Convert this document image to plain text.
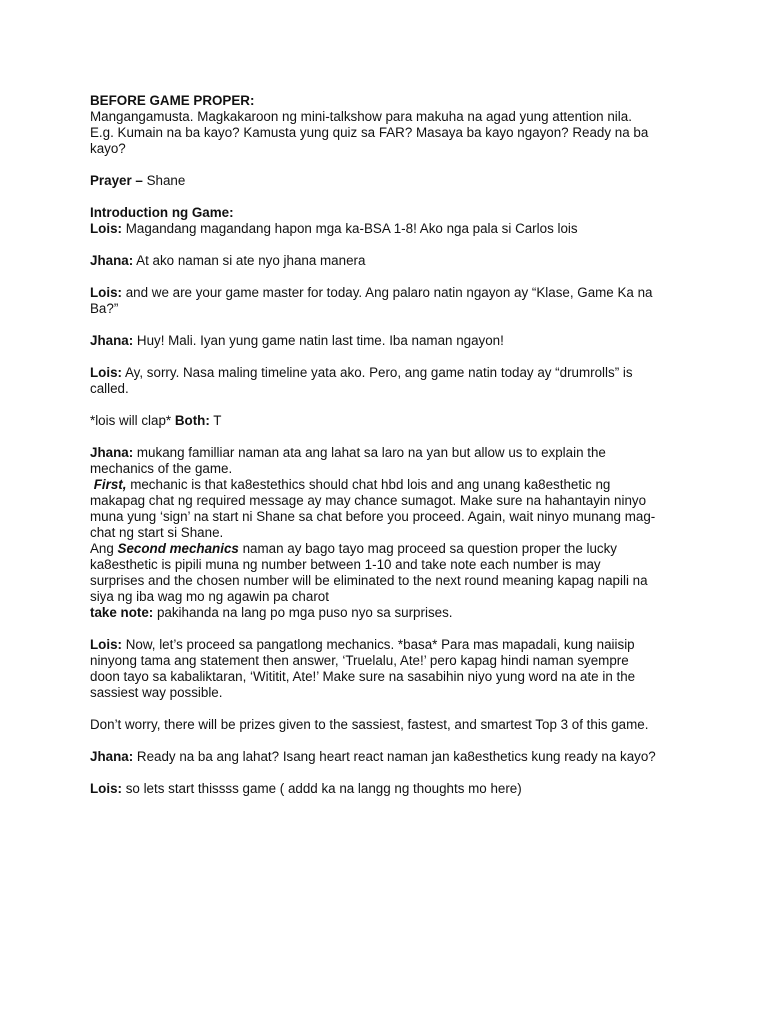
BEFORE GAME PROPER:
Mangangamusta. Magkakaroon ng mini-talkshow para makuha na agad yung attention nila.
E.g. Kumain na ba kayo? Kamusta yung quiz sa FAR? Masaya ba kayo ngayon? Ready na ba
kayo?
Prayer – Shane
Introduction ng Game:
Lois: Magandang magandang hapon mga ka-BSA 1-8! Ako nga pala si Carlos lois
Jhana: At ako naman si ate nyo jhana manera
Lois: and we are your game master for today. Ang palaro natin ngayon ay “Klase, Game Ka na
Ba?”
Jhana: Huy! Mali. Iyan yung game natin last time. Iba naman ngayon!
Lois: Ay, sorry. Nasa maling timeline yata ako. Pero, ang game natin today ay “drumrolls” is
called.
*lois will clap* Both: T
Jhana: mukang familliar naman ata ang lahat sa laro na yan but allow us to explain the
mechanics of the game.
First, mechanic is that ka8estethics should chat hbd lois and ang unang ka8esthetic ng
makapag chat ng required message ay may chance sumagot. Make sure na hahantayin ninyo
muna yung ‘sign’ na start ni Shane sa chat before you proceed. Again, wait ninyo munang mag-
chat ng start si Shane.
Ang Second mechanics naman ay bago tayo mag proceed sa question proper the lucky
ka8esthetic is pipili muna ng number between 1-10 and take note each number is may
surprises and the chosen number will be eliminated to the next round meaning kapag napili na
siya ng iba wag mo ng agawin pa charot
take note: pakihanda na lang po mga puso nyo sa surprises.
Lois: Now, let’s proceed sa pangatlong mechanics. *basa* Para mas mapadali, kung naiisip
ninyong tama ang statement then answer, ‘Truelalu, Ate!’ pero kapag hindi naman syempre
doon tayo sa kabaliktaran, ‘Wititit, Ate!’ Make sure na sasabihin niyo yung word na ate in the
sassiest way possible.
Don’t worry, there will be prizes given to the sassiest, fastest, and smartest Top 3 of this game.
Jhana: Ready na ba ang lahat? Isang heart react naman jan ka8esthetics kung ready na kayo?
Lois: so lets start thissss game ( addd ka na langg ng thoughts mo here)
